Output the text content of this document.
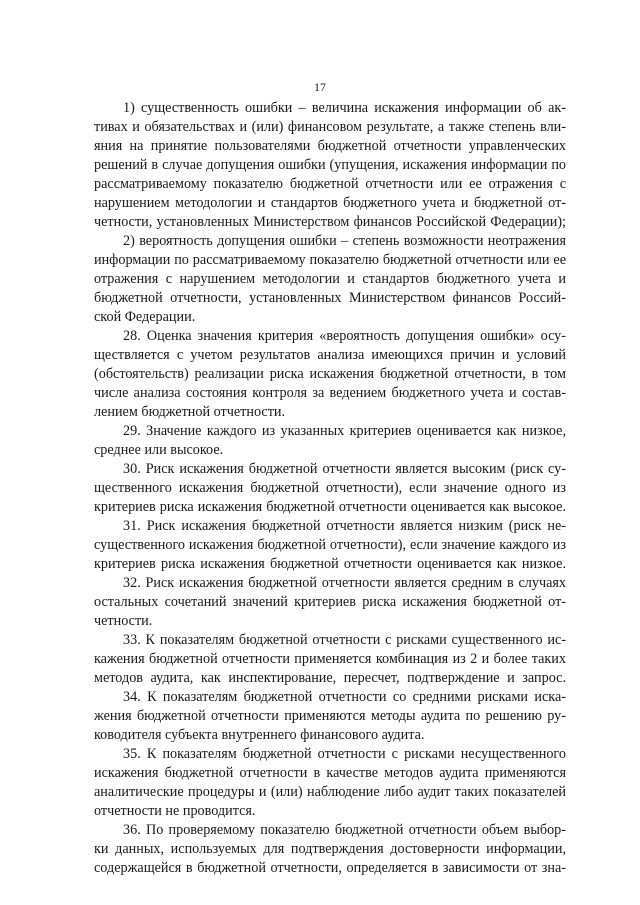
17
1) существенность ошибки – величина искажения информации об ак-
тивах и обязательствах и (или) финансовом результате, а также степень вли-
яния на принятие пользователями бюджетной отчетности управленческих
решений в случае допущения ошибки (упущения, искажения информации по
рассматриваемому показателю бюджетной отчетности или ее отражения с
нарушением методологии и стандартов бюджетного учета и бюджетной от-
четности, установленных Министерством финансов Российской Федерации);
2) вероятность допущения ошибки – степень возможности неотражения
информации по рассматриваемому показателю бюджетной отчетности или ее
отражения с нарушением методологии и стандартов бюджетного учета и
бюджетной отчетности, установленных Министерством финансов Россий-
ской Федерации.
28. Оценка значения критерия «вероятность допущения ошибки» осу-
ществляется с учетом результатов анализа имеющихся причин и условий
(обстоятельств) реализации риска искажения бюджетной отчетности, в том
числе анализа состояния контроля за ведением бюджетного учета и состав-
лением бюджетной отчетности.
29. Значение каждого из указанных критериев оценивается как низкое,
среднее или высокое.
30. Риск искажения бюджетной отчетности является высоким (риск су-
щественного искажения бюджетной отчетности), если значение одного из
критериев риска искажения бюджетной отчетности оценивается как высокое.
31. Риск искажения бюджетной отчетности является низким (риск не-
существенного искажения бюджетной отчетности), если значение каждого из
критериев риска искажения бюджетной отчетности оценивается как низкое.
32. Риск искажения бюджетной отчетности является средним в случаях
остальных сочетаний значений критериев риска искажения бюджетной от-
четности.
33. К показателям бюджетной отчетности с рисками существенного ис-
кажения бюджетной отчетности применяется комбинация из 2 и более таких
методов аудита, как инспектирование, пересчет, подтверждение и запрос.
34. К показателям бюджетной отчетности со средними рисками иска-
жения бюджетной отчетности применяются методы аудита по решению ру-
ководителя субъекта внутреннего финансового аудита.
35. К показателям бюджетной отчетности с рисками несущественного
искажения бюджетной отчетности в качестве методов аудита применяются
аналитические процедуры и (или) наблюдение либо аудит таких показателей
отчетности не проводится.
36. По проверяемому показателю бюджетной отчетности объем выбор-
ки данных, используемых для подтверждения достоверности информации,
содержащейся в бюджетной отчетности, определяется в зависимости от зна-
